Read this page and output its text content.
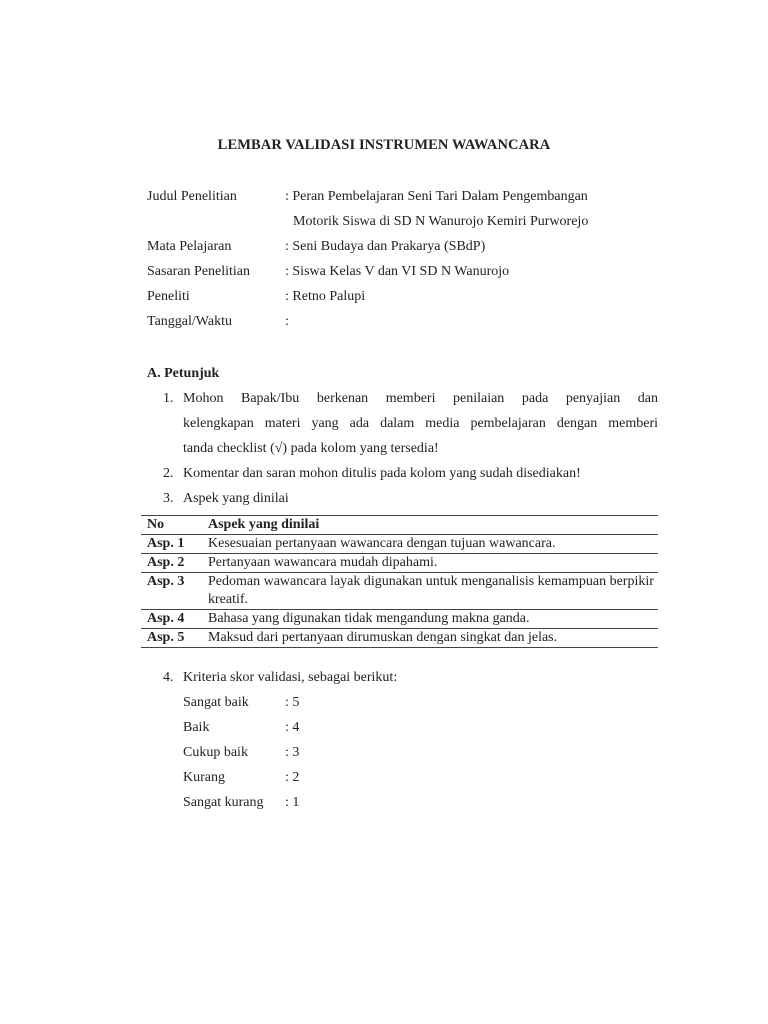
LEMBAR VALIDASI INSTRUMEN WAWANCARA
Judul Penelitian	: Peran Pembelajaran Seni Tari Dalam Pengembangan
Motorik Siswa di SD N Wanurojo Kemiri Purworejo
Mata Pelajaran	: Seni Budaya dan Prakarya (SBdP)
Sasaran Penelitian : Siswa Kelas V dan VI SD N Wanurojo
Peneliti	: Retno Palupi
Tanggal/Waktu	:
A. Petunjuk
1. Mohon Bapak/Ibu berkenan memberi penilaian pada penyajian dan
kelengkapan materi yang ada dalam media pembelajaran dengan memberi
tanda checklist (√) pada kolom yang tersedia!
2. Komentar dan saran mohon ditulis pada kolom yang sudah disediakan!
3. Aspek yang dinilai
No	Aspek yang dinilai
Asp. 1	Kesesuaian pertanyaan wawancara dengan tujuan wawancara.
Asp. 2	Pertanyaan wawancara mudah dipahami.
Asp. 3	Pedoman wawancara layak digunakan untuk menganalisis kemampuan berpikir kreatif.
Asp. 4	Bahasa yang digunakan tidak mengandung makna ganda.
Asp. 5	Maksud dari pertanyaan dirumuskan dengan singkat dan jelas.
4. Kriteria skor validasi, sebagai berikut:
Sangat baik	: 5
Baik	: 4
Cukup baik	: 3
Kurang	: 2
Sangat kurang : 1
